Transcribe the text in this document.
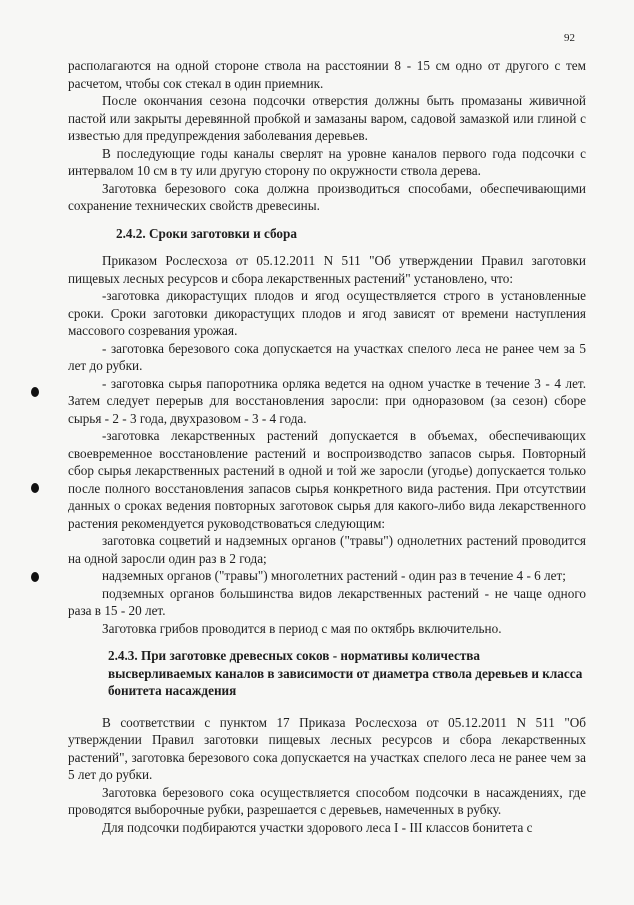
92

располагаются на одной стороне ствола на расстоянии 8 - 15 см одно от другого с тем расчетом, чтобы сок стекал в один приемник.

После окончания сезона подсочки отверстия должны быть промазаны живичной пастой или закрыты деревянной пробкой и замазаны варом, садовой замазкой или глиной с известью для предупреждения заболевания деревьев.

В последующие годы каналы сверлят на уровне каналов первого года подсочки с интервалом 10 см в ту или другую сторону по окружности ствола дерева.

Заготовка березового сока должна производиться способами, обеспечивающими сохранение технических свойств древесины.

2.4.2. Сроки заготовки и сбора

Приказом Рослесхоза от 05.12.2011 N 511 "Об утверждении Правил заготовки пищевых лесных ресурсов и сбора лекарственных растений" установлено, что:

-заготовка дикорастущих плодов и ягод осуществляется строго в установленные сроки. Сроки заготовки дикорастущих плодов и ягод зависят от времени наступления массового созревания урожая.

- заготовка березового сока допускается на участках спелого леса не ранее чем за 5 лет до рубки.

- заготовка сырья папоротника орляка ведется на одном участке в течение 3 - 4 лет. Затем следует перерыв для восстановления заросли: при одноразовом (за сезон) сборе сырья - 2 - 3 года, двухразовом - 3 - 4 года.

-заготовка лекарственных растений допускается в объемах, обеспечивающих своевременное восстановление растений и воспроизводство запасов сырья. Повторный сбор сырья лекарственных растений в одной и той же заросли (угодье) допускается только после полного восстановления запасов сырья конкретного вида растения. При отсутствии данных о сроках ведения повторных заготовок сырья для какого-либо вида лекарственного растения рекомендуется руководствоваться следующим:

заготовка соцветий и надземных органов ("травы") однолетних растений проводится на одной заросли один раз в 2 года;

надземных органов ("травы") многолетних растений - один раз в течение 4 - 6 лет;

подземных органов большинства видов лекарственных растений - не чаще одного раза в 15 - 20 лет.

Заготовка грибов проводится в период с мая по октябрь включительно.

2.4.3. При заготовке древесных соков - нормативы количества высверливаемых каналов в зависимости от диаметра ствола деревьев и класса бонитета насаждения

В соответствии с пунктом 17 Приказа Рослесхоза от 05.12.2011 N 511 "Об утверждении Правил заготовки пищевых лесных ресурсов и сбора лекарственных растений", заготовка березового сока допускается на участках спелого леса не ранее чем за 5 лет до рубки.

Заготовка березового сока осуществляется способом подсочки в насаждениях, где проводятся выборочные рубки, разрешается с деревьев, намеченных в рубку.

Для подсочки подбираются участки здорового леса I - III классов бонитета с
